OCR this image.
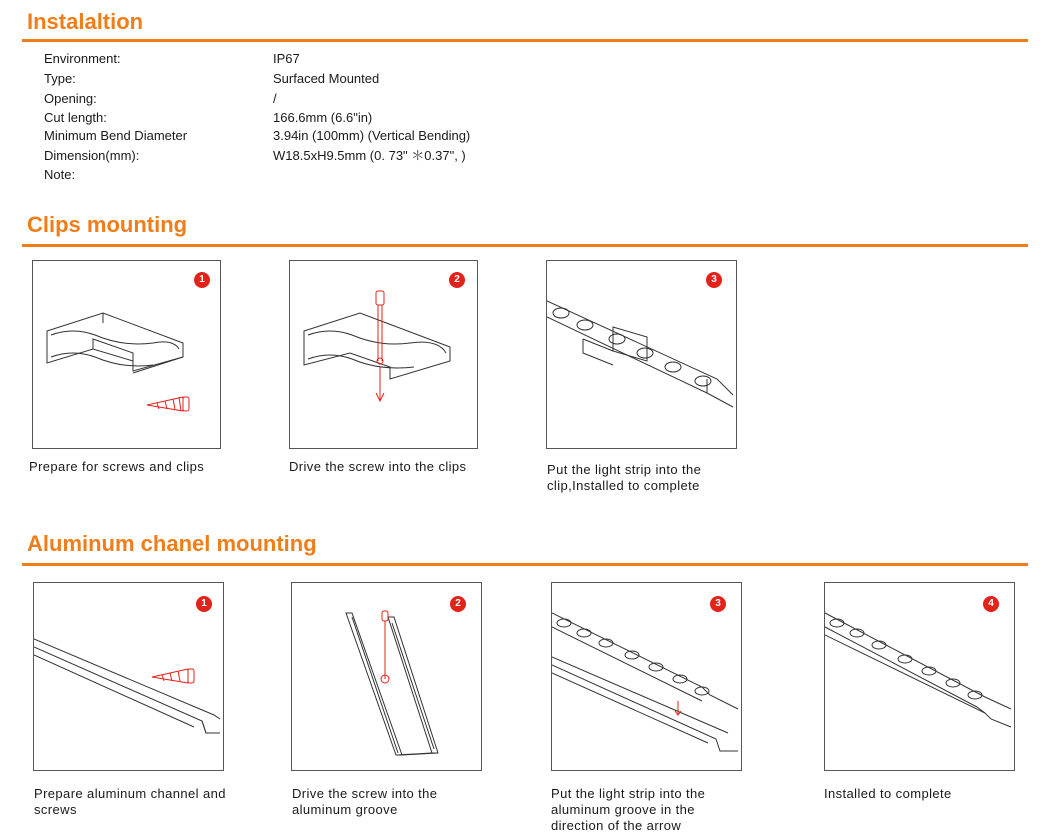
Instalaltion
Environment:	IP67
Type:	Surfaced Mounted
Opening:	/
Cut length:	166.6mm (6.6"in)
Minimum Bend Diameter	3.94in (100mm) (Vertical Bending)
Dimension(mm):	W18.5xH9.5mm (0. 73" ＊0.37", )
Note:
Clips mounting
1
Prepare for screws and clips
2
Drive the screw into the clips
3
Put the light strip into the clip,Installed to complete
Aluminum chanel mounting
1
Prepare aluminum channel and screws
2
Drive the screw into the aluminum groove
3
Put the light strip into the aluminum groove in the direction of the arrow
4
Installed to complete
